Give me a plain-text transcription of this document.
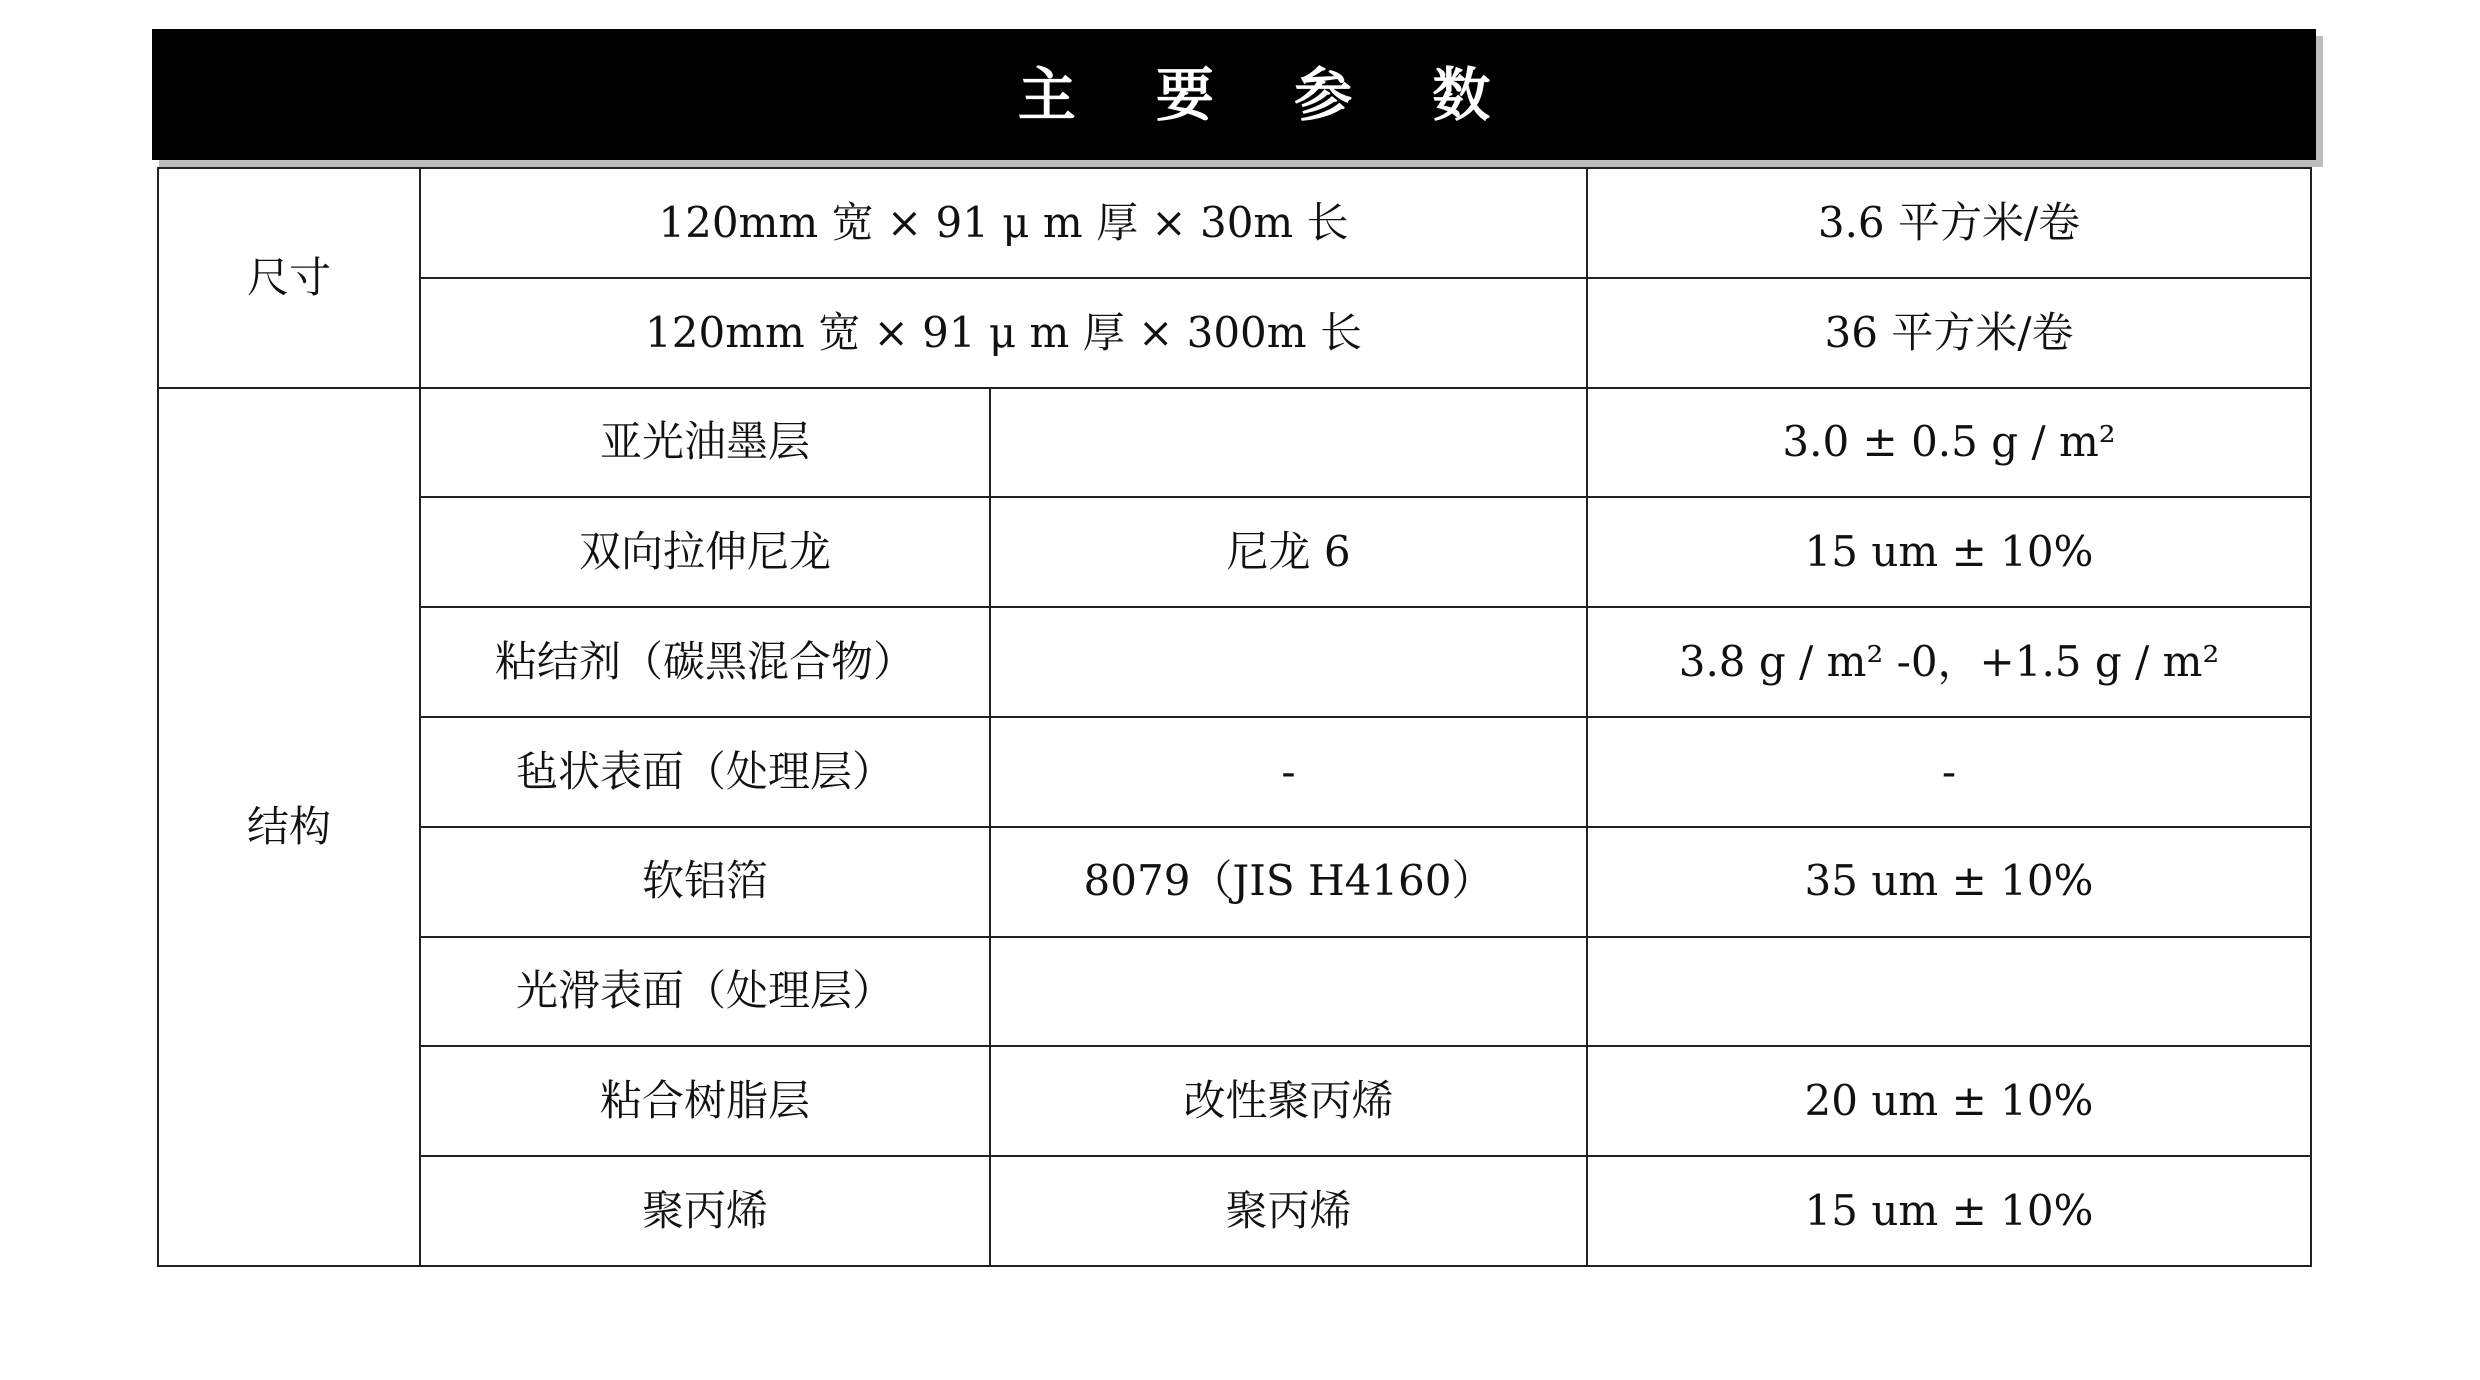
主 要 参 数
尺寸	120mm 宽 × 91 μ m 厚 × 30m 长		3.6 平方米/卷
	120mm 宽 × 91 μ m 厚 × 300m 长		36 平方米/卷
结构	亚光油墨层		3.0 ± 0.5 g / m²
	双向拉伸尼龙	尼龙 6	15 um ± 10%
	粘结剂（碳黑混合物）		3.8 g / m² -0，+1.5 g / m²
	毡状表面（处理层）	-	-
	软铝箔	8079（JIS H4160）	35 um ± 10%
	光滑表面（处理层）		
	粘合树脂层	改性聚丙烯	20 um ± 10%
	聚丙烯	聚丙烯	15 um ± 10%
